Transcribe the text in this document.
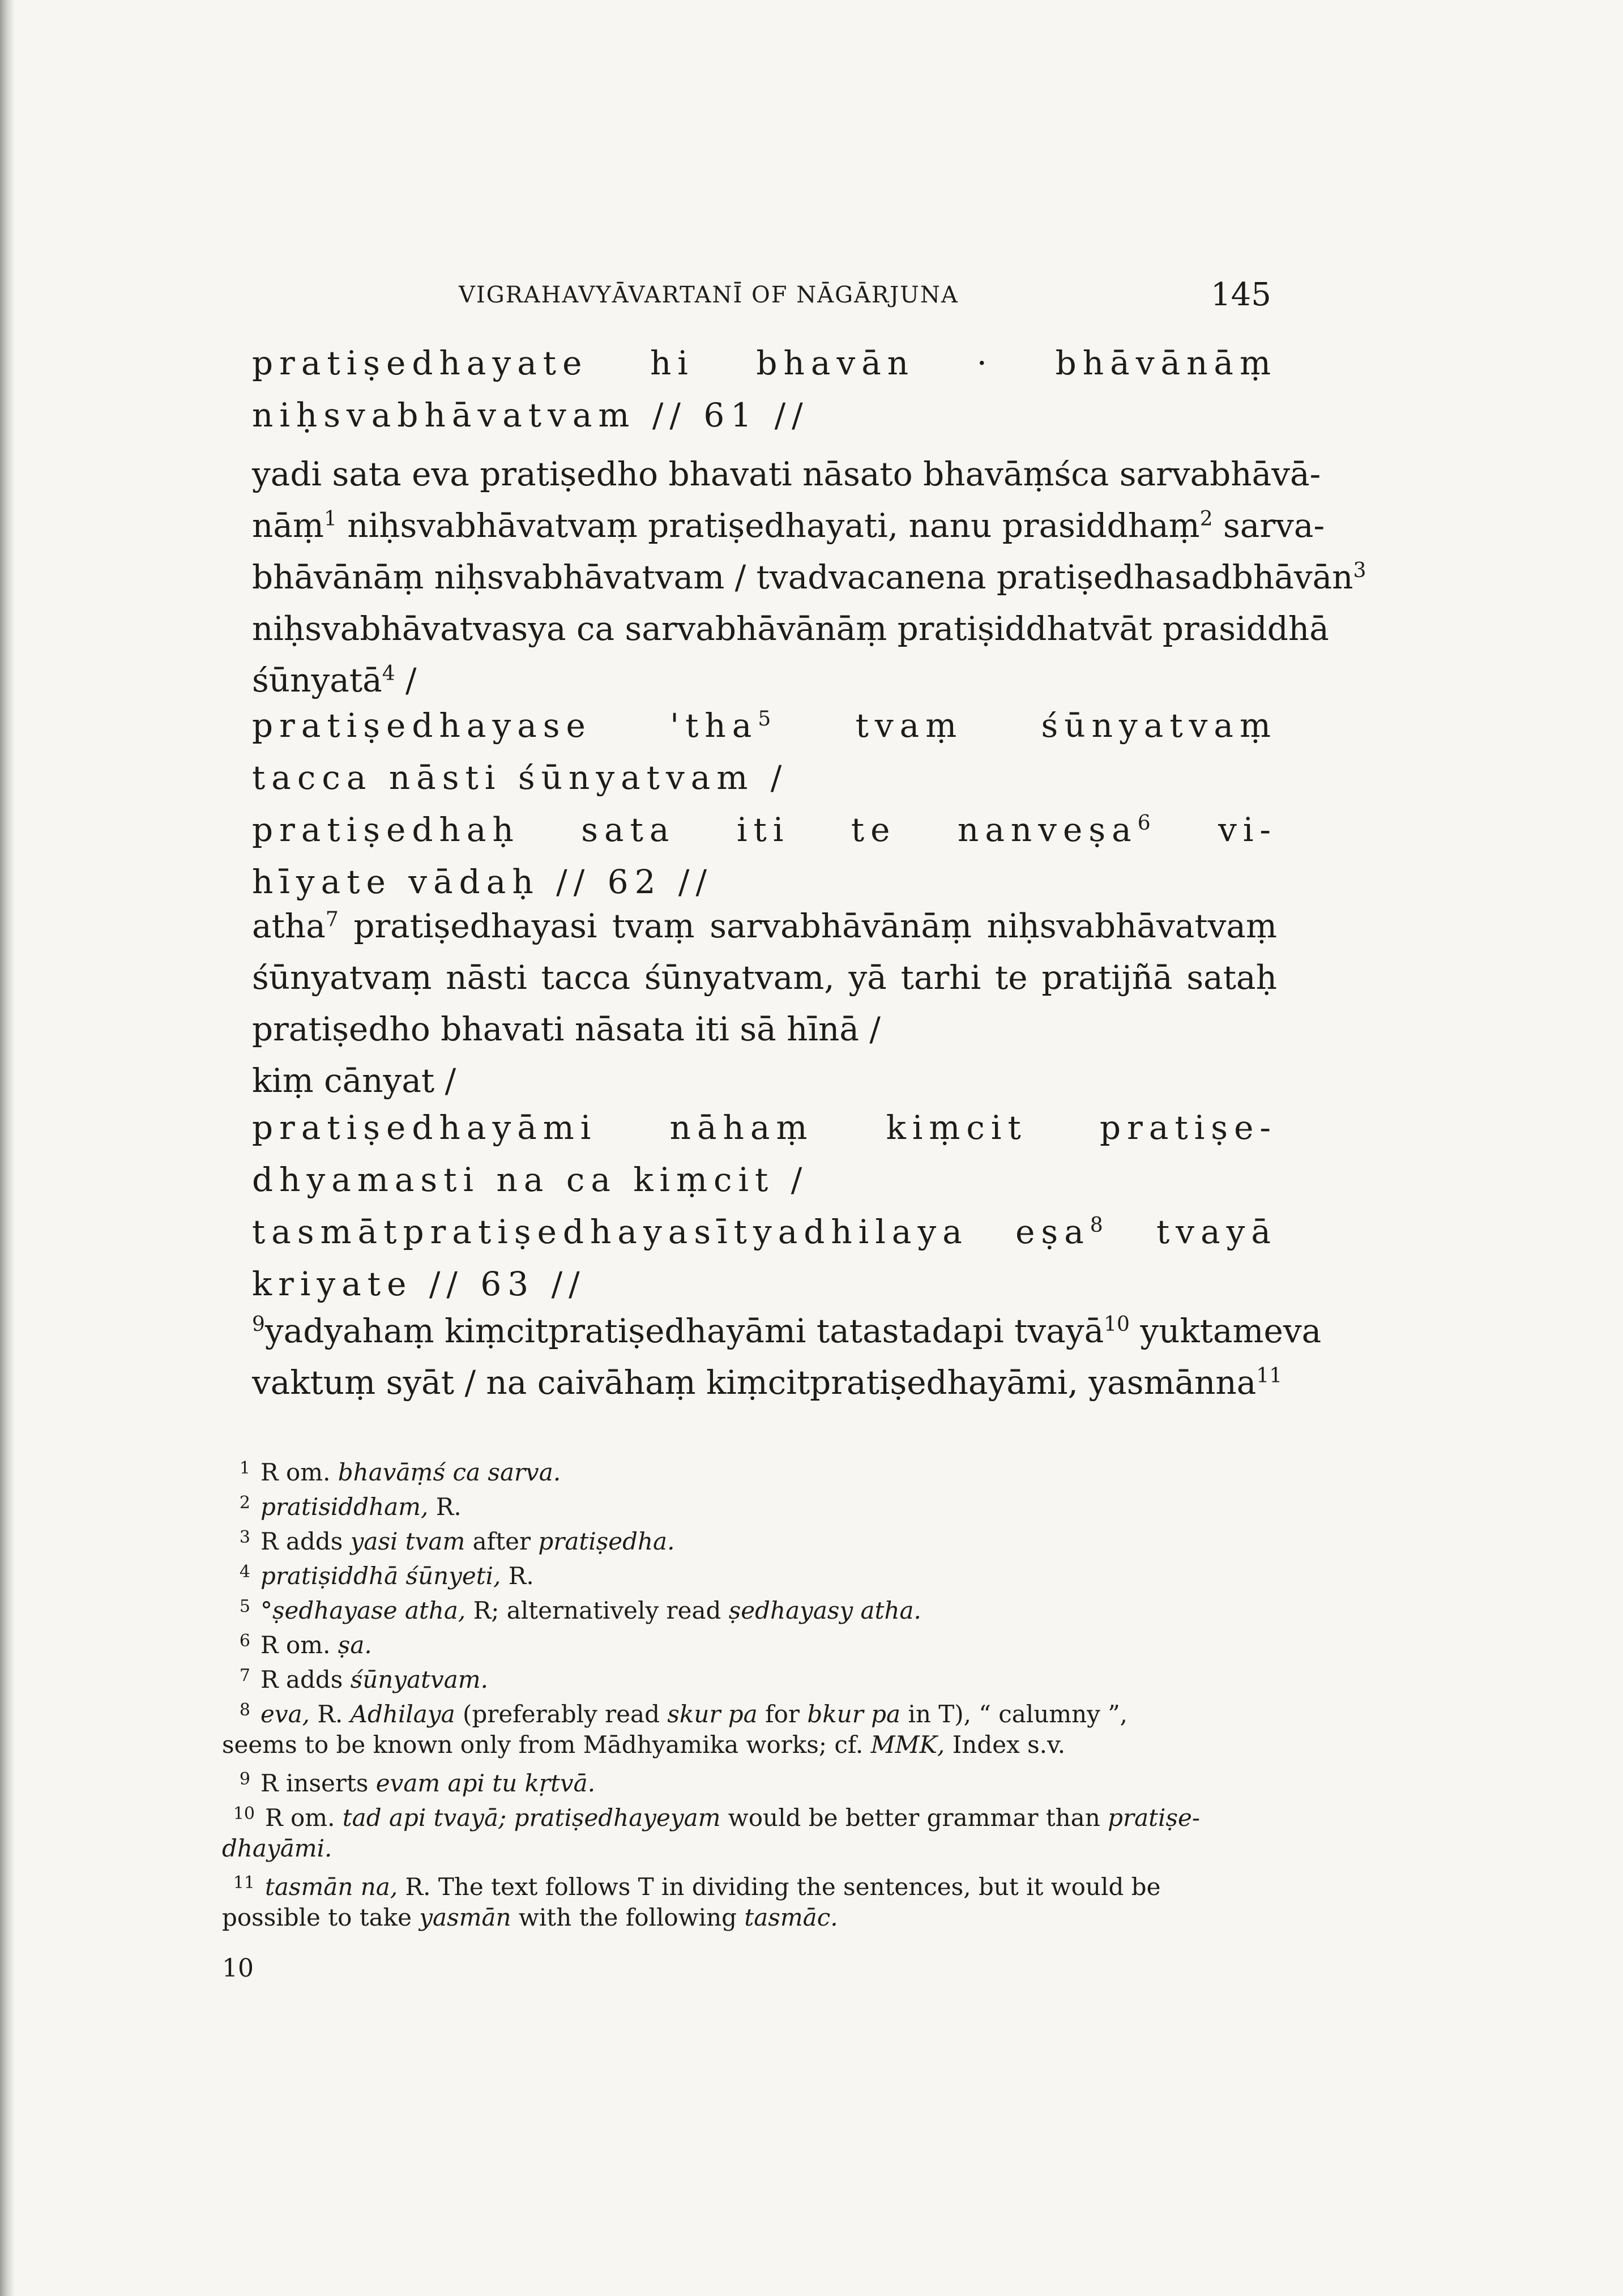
VIGRAHAVYĀVARTANĪ OF NĀGĀRJUNA	145
pratiṣedhayate hi bhavān · bhāvānāṃ
niḥsvabhāvatvam // 61 //
yadi sata eva pratiṣedho bhavati nāsato bhavāṃśca sarvabhāvā-
nāṃ$^1$ niḥsvabhāvatvaṃ pratiṣedhayati, nanu prasiddhaṃ$^2$ sarva-
bhāvānāṃ niḥsvabhāvatvam / tvadvacanena pratiṣedhasadbhāvān$^3$
niḥsvabhāvatvasya ca sarvabhāvānāṃ pratiṣiddhatvāt prasiddhā
śūnyatā$^4$ /
pratiṣedhayase 'tha$^5$ tvaṃ śūnyatvaṃ
tacca nāsti śūnyatvam /
pratiṣedhaḥ sata iti te nanveṣa$^6$ vi-
hīyate vādaḥ // 62 //
atha$^7$ pratiṣedhayasi tvaṃ sarvabhāvānāṃ niḥsvabhāvatvaṃ
śūnyatvaṃ nāsti tacca śūnyatvam, yā tarhi te pratijñā sataḥ
pratiṣedho bhavati nāsata iti sā hīnā /
kiṃ cānyat /
pratiṣedhayāmi nāhaṃ kiṃcit pratiṣe-
dhyamasti na ca kiṃcit /
tasmātpratiṣedhayasītyadhilaya eṣa$^8$ tvayā
kriyate // 63 //
$^9$yadyahaṃ kiṃcitpratiṣedhayāmi tatastadapi tvayā$^{10}$ yuktameva
vaktuṃ syāt / na caivāhaṃ kiṃcitpratiṣedhayāmi, yasmānna$^{11}$
1 R om. bhavāṃś ca sarva.
2 pratisiddham, R.
3 R adds yasi tvam after pratiṣedha.
4 pratiṣiddhā śūnyeti, R.
5 °ṣedhayase atha, R; alternatively read ṣedhayasy atha.
6 R om. ṣa.
7 R adds śūnyatvam.
8 eva, R. Adhilaya (preferably read skur pa for bkur pa in T), “ calumny ”,
seems to be known only from Mādhyamika works; cf. MMK, Index s.v.
9 R inserts evam api tu kṛtvā.
10 R om. tad api tvayā; pratiṣedhayeyam would be better grammar than pratiṣe-
dhayāmi.
11 tasmān na, R. The text follows T in dividing the sentences, but it would be
possible to take yasmān with the following tasmāc.
10
